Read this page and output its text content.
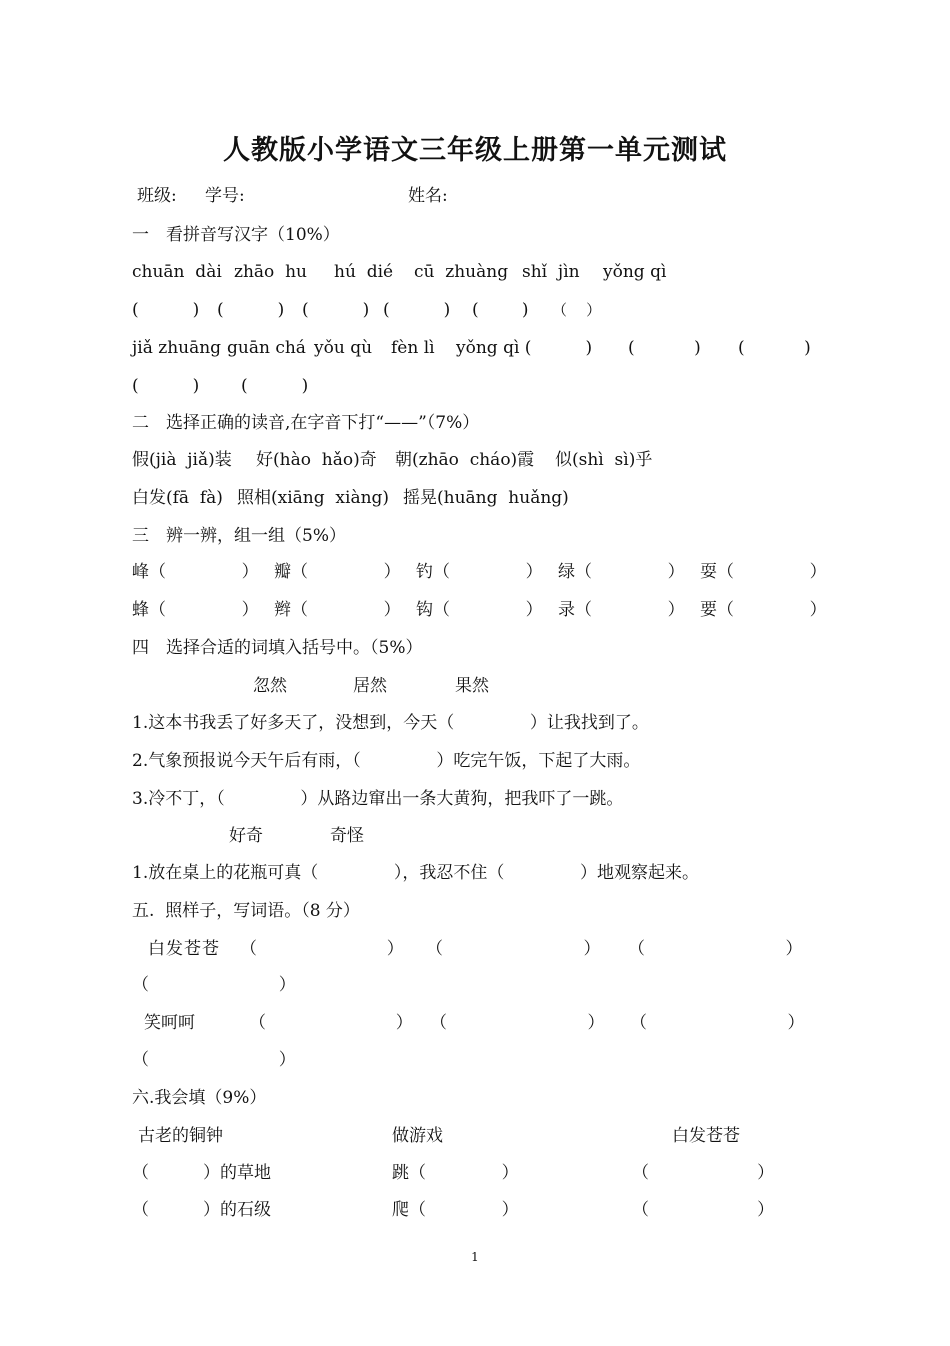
人教版小学语文三年级上册第一单元测试
班级: 学号:	姓名:
一　看拼音写汉字（10%）
chuān  dài zhāo  hu hú  dié cū  zhuàng shǐ  jìn yǒng qì
(          ) (          ) (          ) (          ) (        ) （    ）
jiǎ zhuāng guān chá yǒu qù fèn lì yǒng qì (          ) (           ) (           )
(          ) (          )
二　选择正确的读音,在字音下打“——”（7%）
假(jià  jiǎ)装 好(hào  hǎo)奇 朝(zhāo  cháo)霞 似(shì  sì)乎
白发(fā  fà) 照相(xiāng  xiàng) 摇晃(huāng  huǎng)
三　辨一辨，组一组（5%）
峰（              ） 瓣（              ） 钓（              ） 绿（              ） 耍（              ）
蜂（              ） 辫（              ） 钩（              ） 录（              ） 要（              ）
四　选择合适的词填入括号中。（5%）
忽然	居然	果然
1.这本书我丢了好多天了，没想到，今天（              ）让我找到了。
2.气象预报说今天午后有雨，（              ）吃完午饭，下起了大雨。
3.冷不丁，（              ）从路边窜出一条大黄狗，把我吓了一跳。
好奇	奇怪
1.放在桌上的花瓶可真（              ），我忍不住（              ）地观察起来。
五.  照样子，写词语。（8 分）
白发苍苍 （                        ） （                          ） （                          ）
（                        ）
笑呵呵	（                        ） （                          ） （                          ）
（                        ）
六.我会填（9%）
古老的铜钟	做游戏	白发苍苍
（          ）的草地	跳（              ）	（                    ）
（          ）的石级	爬（              ）	（                    ）
1
